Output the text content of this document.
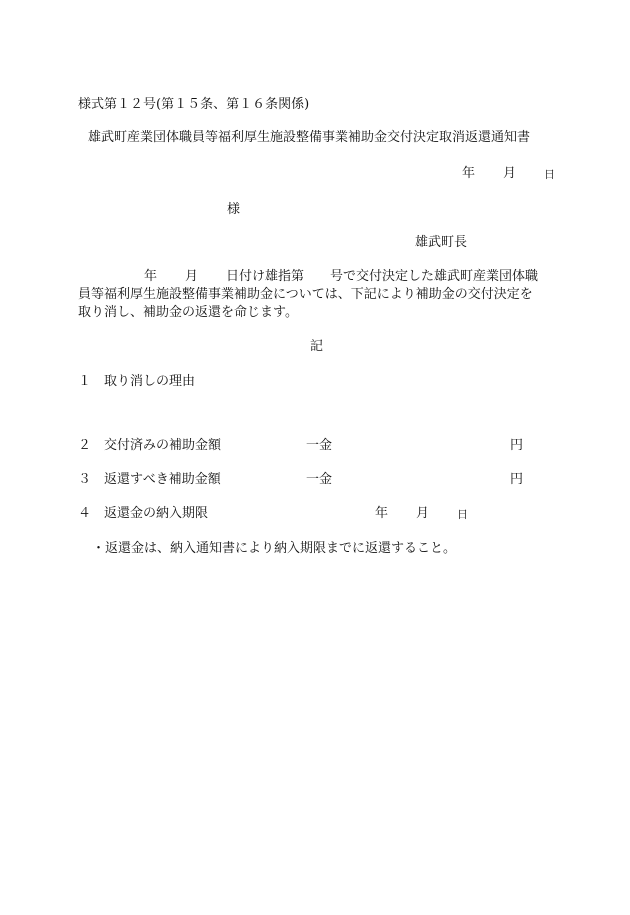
様式第１２号(第１５条、第１６条関係)
雄武町産業団体職員等福利厚生施設整備事業補助金交付決定取消返還通知書
年 月	日
様
雄武町長
年 月 日付け雄指第　　号で交付決定した雄武町産業団体職
員等福利厚生施設整備事業補助金については、下記により補助金の交付決定を
取り消し、補助金の返還を命じます。
記
１ 取り消しの理由
２ 交付済みの補助金額	一金	円
３ 返還すべき補助金額	一金	円
４ 返還金の納入期限	年 月	日
・返還金は、納入通知書により納入期限までに返還すること。
